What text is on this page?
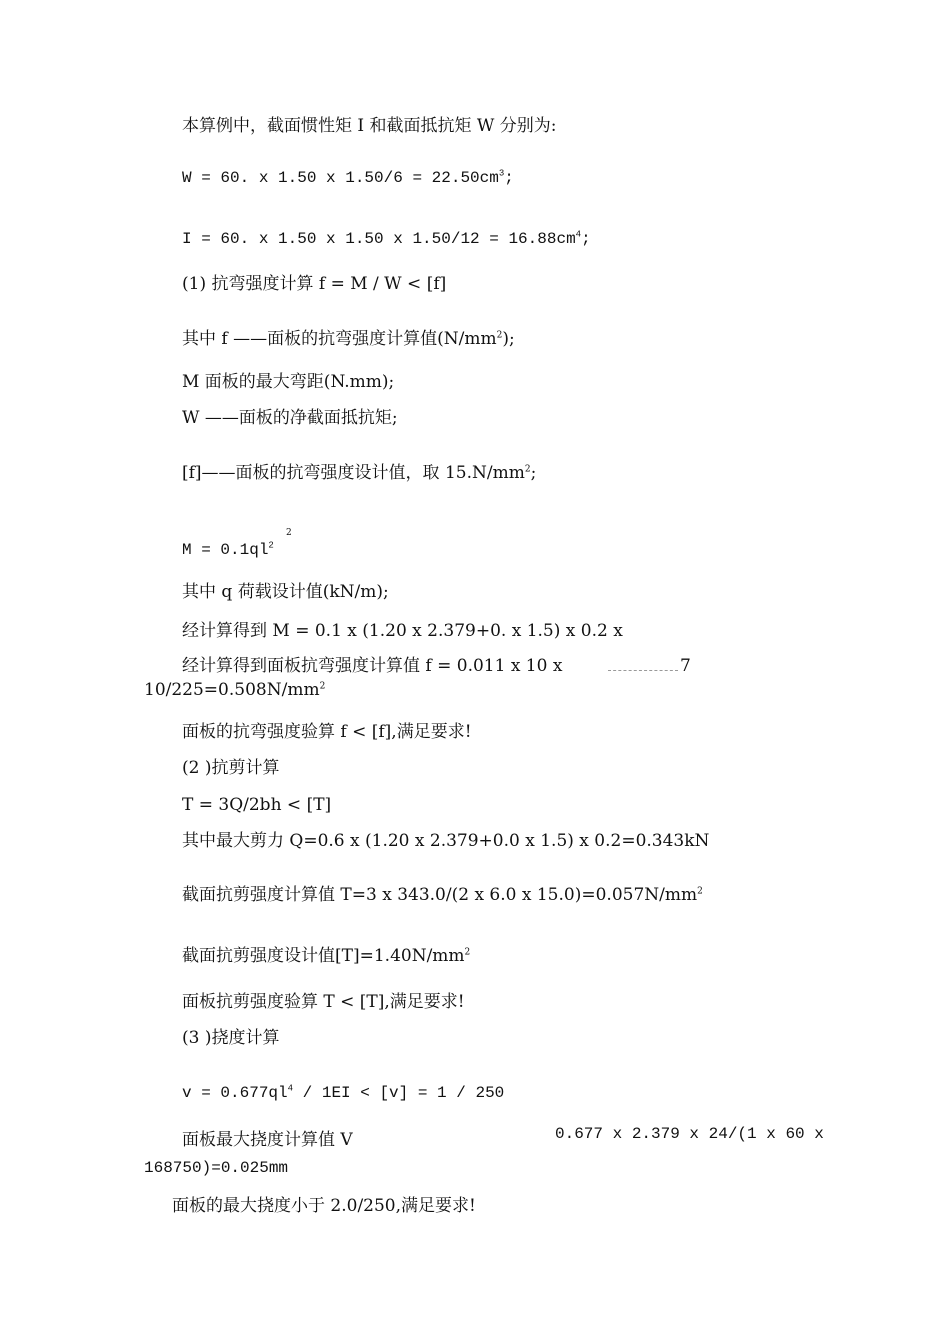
本算例中，截面惯性矩 I 和截面抵抗矩 W 分别为:
W = 60. x 1.50 x $1.50/6 = 22.50cm^3$;
I = 60. x 1.50 x 1.50 x $1.50/12 = 16.88cm^4$;
(1) 抗弯强度计算 f = M / W < [f]
其中 f ——面板的抗弯强度计算值$(N/mm^2)$;
M 面板的最大弯距(N.mm);
W ——面板的净截面抵抗矩;
[f]——面板的抗弯强度设计值，取 $15.N/mm^2$;
$M = 0.1ql^2$
2
其中 q 荷载设计值(kN/m);
经计算得到 M = 0.1 x (1.20 x 2.379+0. x 1.5) x 0.2 x
经计算得到面板抗弯强度计算值 f = 0.011 x 10 x	7
$10/225=0.508N/mm^2$
面板的抗弯强度验算 f < [f],满足要求!
(2 )抗剪计算
T = 3Q/2bh < [T]
其中最大剪力 Q=0.6 x (1.20 x 2.379+0.0 x 1.5) x 0.2=0.343kN
截面抗剪强度计算值 T=3 x 343.0/(2 x 6.0 x $15.0)=0.057N/mm^2$
截面抗剪强度设计值$[T]=1.40N/mm^2$
面板抗剪强度验算 T < [T],满足要求!
(3 )挠度计算
$v = 0.677ql^4 / 1EI < [v] = 1 / 250$
面板最大挠度计算值 V	0.677 x 2.379 x 24/(1 x 60 x
168750)=0.025mm
面板的最大挠度小于 2.0/250,满足要求!
